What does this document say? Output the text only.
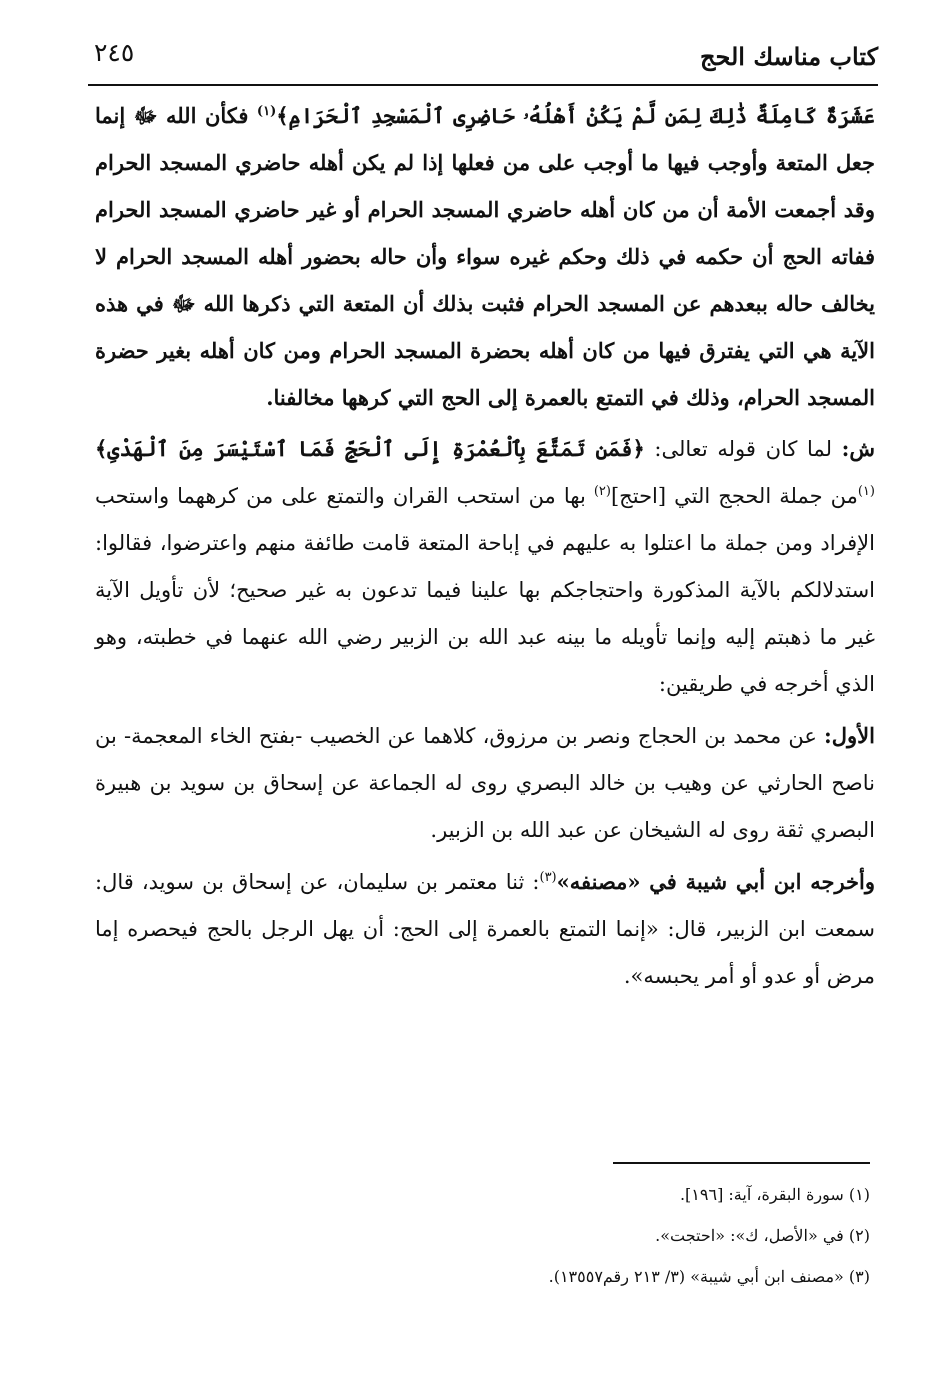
كتاب مناسك الحج
٢٤٥

عَشَرَةٌ كَامِلَةٌ ذَٰلِكَ لِمَن لَّمْ يَكُنْ أَهْلُهُۥ حَاضِرِى ٱلْمَسْجِدِ ٱلْحَرَامِ﴾$^{(١)}$ فكأن الله ﷻ إنما جعل المتعة وأوجب فيها ما أوجب على من فعلها إذا لم يكن أهله حاضري المسجد الحرام وقد أجمعت الأمة أن من كان أهله حاضري المسجد الحرام أو غير حاضري المسجد الحرام ففاته الحج أن حكمه في ذلك وحكم غيره سواء وأن حاله بحضور أهله المسجد الحرام لا يخالف حاله ببعدهم عن المسجد الحرام فثبت بذلك أن المتعة التي ذكرها الله ﷻ في هذه الآية هي التي يفترق فيها من كان أهله بحضرة المسجد الحرام ومن كان أهله بغير حضرة المسجد الحرام، وذلك في التمتع بالعمرة إلى الحج التي كرهها مخالفنا.

ش: لما كان قوله تعالى: ﴿فَمَن تَمَتَّعَ بِٱلْعُمْرَةِ إِلَى ٱلْحَجِّ فَمَا ٱسْتَيْسَرَ مِنَ ٱلْهَدْىِ﴾$^{(١)}$من جملة الحجج التي [احتج]$^{(٢)}$ بها من استحب القران والتمتع على من كرههما واستحب الإفراد ومن جملة ما اعتلوا به عليهم في إباحة المتعة قامت طائفة منهم واعترضوا، فقالوا: استدلالكم بالآية المذكورة واحتجاجكم بها علينا فيما تدعون به غير صحيح؛ لأن تأويل الآية غير ما ذهبتم إليه وإنما تأويله ما بينه عبد الله بن الزبير رضي الله عنهما في خطبته، وهو الذي أخرجه في طريقين:

الأول: عن محمد بن الحجاج ونصر بن مرزوق، كلاهما عن الخصيب -بفتح الخاء المعجمة- بن ناصح الحارثي عن وهيب بن خالد البصري روى له الجماعة عن إسحاق بن سويد بن هبيرة البصري ثقة روى له الشيخان عن عبد الله بن الزبير.

وأخرجه ابن أبي شيبة في «مصنفه»$^{(٣)}$: ثنا معتمر بن سليمان، عن إسحاق بن سويد، قال: سمعت ابن الزبير، قال: «إنما التمتع بالعمرة إلى الحج: أن يهل الرجل بالحج فيحصره إما مرض أو عدو أو أمر يحبسه».

(١) سورة البقرة، آية: [١٩٦].

(٢) في «الأصل، ك»: «احتجت».

(٣) «مصنف ابن أبي شيبة» (٣/ ٢١٣ رقم١٣٥٥٧).
